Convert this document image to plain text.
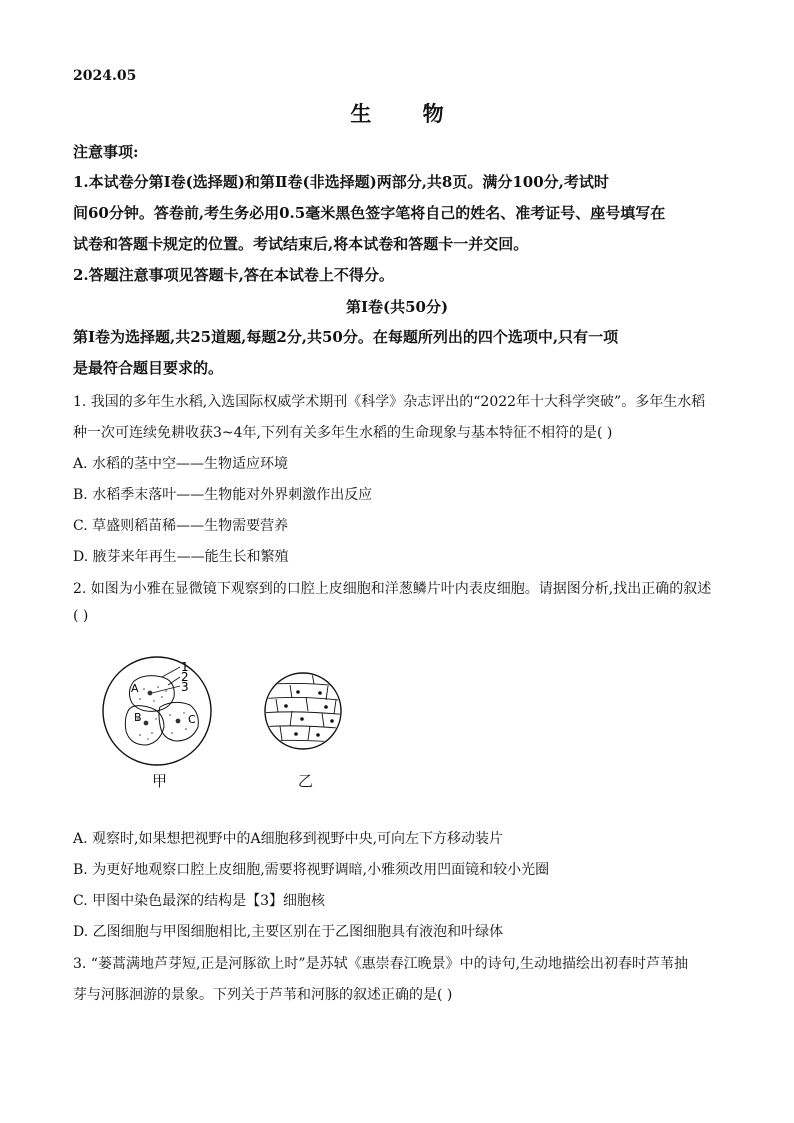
2024.05
生 物
注意事项:
1.本试卷分第Ⅰ卷(选择题)和第Ⅱ卷(非选择题)两部分,共8页。满分100分,考试时
间60分钟。答卷前,考生务必用0.5毫米黑色签字笔将自己的姓名、准考证号、座号填写在
试卷和答题卡规定的位置。考试结束后,将本试卷和答题卡一并交回。
2.答题注意事项见答题卡,答在本试卷上不得分。
第Ⅰ卷(共50分)
第Ⅰ卷为选择题,共25道题,每题2分,共50分。在每题所列出的四个选项中,只有一项
是最符合题目要求的。
1. 我国的多年生水稻,入选国际权威学术期刊《科学》杂志评出的“2022年十大科学突破”。多年生水稻
种一次可连续免耕收获3~4年,下列有关多年生水稻的生命现象与基本特征不相符的是( )
A. 水稻的茎中空——生物适应环境
B. 水稻季末落叶——生物能对外界刺激作出反应
C. 草盛则稻苗稀——生物需要营养
D. 腋芽来年再生——能生长和繁殖
2. 如图为小雅在显微镜下观察到的口腔上皮细胞和洋葱鳞片叶内表皮细胞。请据图分析,找出正确的叙述
( )
1
2
3
A
B	C
甲	乙
A. 观察时,如果想把视野中的A细胞移到视野中央,可向左下方移动装片
B. 为更好地观察口腔上皮细胞,需要将视野调暗,小雅须改用凹面镜和较小光圈
C. 甲图中染色最深的结构是【3】细胞核
D. 乙图细胞与甲图细胞相比,主要区别在于乙图细胞具有液泡和叶绿体
3. “蒌蒿满地芦芽短,正是河豚欲上时”是苏轼《惠崇春江晚景》中的诗句,生动地描绘出初春时芦苇抽
芽与河豚洄游的景象。下列关于芦苇和河豚的叙述正确的是( )
